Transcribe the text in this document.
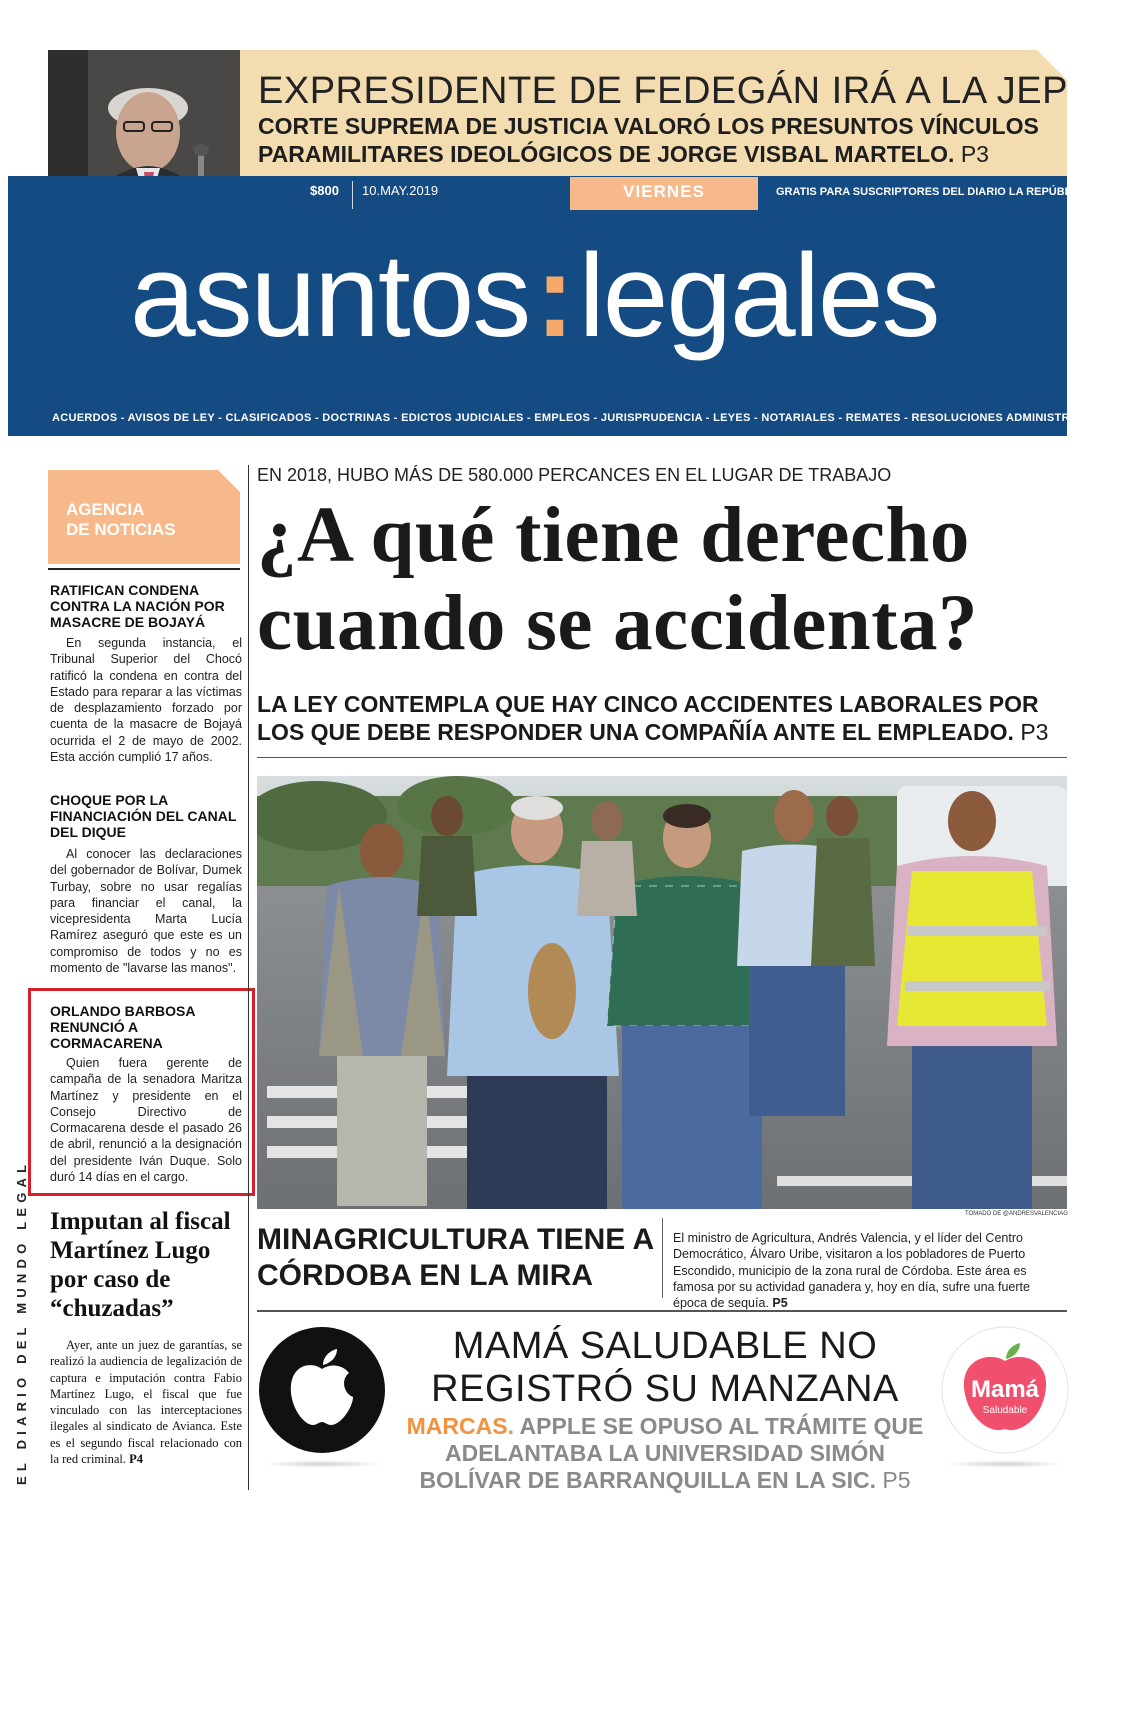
EXPRESIDENTE DE FEDEGÁN IRÁ A LA JEP
CORTE SUPREMA DE JUSTICIA VALORÓ LOS PRESUNTOS VÍNCULOS PARAMILITARES IDEOLÓGICOS DE JORGE VISBAL MARTELO. P3
$800 10.MAY.2019	VIERNES	GRATIS PARA SUSCRIPTORES DEL DIARIO LA REPÚBLICA
asuntos:legales
ACUERDOS - AVISOS DE LEY - CLASIFICADOS - DOCTRINAS - EDICTOS JUDICIALES - EMPLEOS - JURISPRUDENCIA - LEYES - NOTARIALES - REMATES - RESOLUCIONES ADMINISTRATIVAS
AGENCIA
DE NOTICIAS
RATIFICAN CONDENA CONTRA LA NACIÓN POR MASACRE DE BOJAYÁ

En segunda instancia, el Tribunal Superior del Chocó ratificó la condena en contra del Estado para reparar a las víctimas de desplazamiento forzado por cuenta de la masacre de Bojayá ocurrida el 2 de mayo de 2002. Esta acción cumplió 17 años.

CHOQUE POR LA FINANCIACIÓN DEL CANAL DEL DIQUE

Al conocer las declaraciones del gobernador de Bolívar, Dumek Turbay, sobre no usar regalías para financiar el canal, la vicepresidenta Marta Lucía Ramírez aseguró que este es un compromiso de todos y no es momento de "lavarse las manos".

ORLANDO BARBOSA RENUNCIÓ A CORMACARENA

Quien fuera gerente de campaña de la senadora Maritza Martínez y presidente en el Consejo Directivo de Cormacarena desde el pasado 26 de abril, renunció a la designación del presidente Iván Duque. Solo duró 14 días en el cargo.

Imputan al fiscal Martínez Lugo por caso de “chuzadas”

Ayer, ante un juez de garantías, se realizó la audiencia de legalización de captura e imputación contra Fabio Martínez Lugo, el fiscal que fue vinculado con las interceptaciones ilegales al sindicato de Avianca. Este es el segundo fiscal relacionado con la red criminal. P4

EL DIARIO DEL MUNDO LEGAL
EN 2018, HUBO MÁS DE 580.000 PERCANCES EN EL LUGAR DE TRABAJO
¿A qué tiene derecho cuando se accidenta?
LA LEY CONTEMPLA QUE HAY CINCO ACCIDENTES LABORALES POR LOS QUE DEBE RESPONDER UNA COMPAÑÍA ANTE EL EMPLEADO. P3
TOMADO DE @ANDRESVALENCIAG
MINAGRICULTURA TIENE A CÓRDOBA EN LA MIRA
El ministro de Agricultura, Andrés Valencia, y el líder del Centro Democrático, Álvaro Uribe, visitaron a los pobladores de Puerto Escondido, municipio de la zona rural de Córdoba. Este área es famosa por su actividad ganadera y, hoy en día, sufre una fuerte época de sequía. P5
MAMÁ SALUDABLE NO REGISTRÓ SU MANZANA
MARCAS. APPLE SE OPUSO AL TRÁMITE QUE ADELANTABA LA UNIVERSIDAD SIMÓN BOLÍVAR DE BARRANQUILLA EN LA SIC. P5
Mamá
Saludable
